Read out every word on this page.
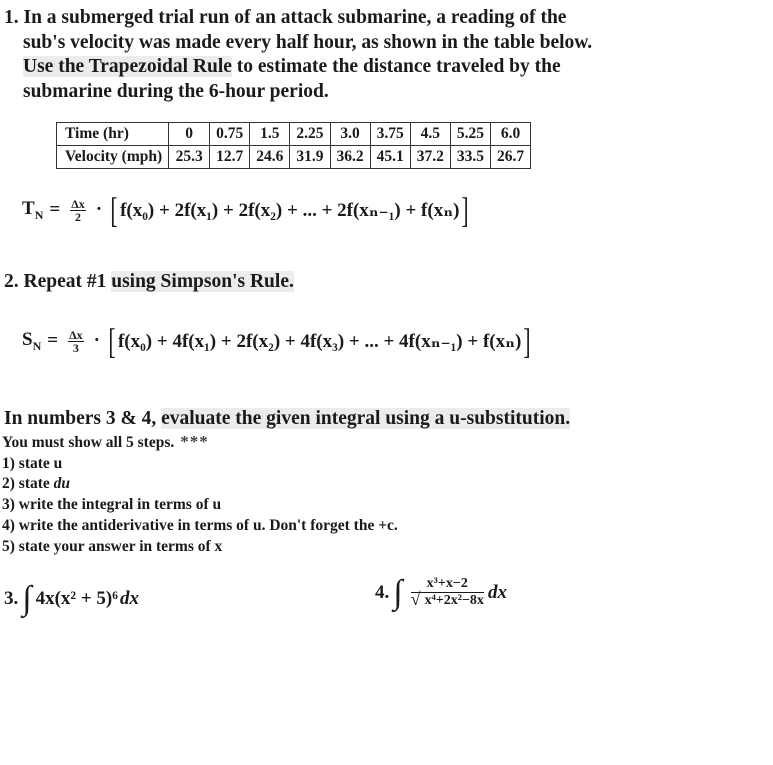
1. In a submerged trial run of an attack submarine, a reading of the
sub's velocity was made every half hour, as shown in the table below.
Use the Trapezoidal Rule to estimate the distance traveled by the
submarine during the 6-hour period.
Time (hr)	0	0.75	1.5	2.25	3.0	3.75	4.5	5.25	6.0
Velocity (mph)	25.3	12.7	24.6	31.9	36.2	45.1	37.2	33.5	26.7
$T_N = \frac{\Delta x}{2}$ · [ f(x₀) + 2f(x₁) + 2f(x₂) + ... + 2f(xₙ₋₁) + f(xₙ) ]
2. Repeat #1 using Simpson's Rule.
$S_N = \frac{\Delta x}{3}$ · [ f(x₀) + 4f(x₁) + 2f(x₂) + 4f(x₃) + ... + 4f(xₙ₋₁) + f(xₙ) ]
In numbers 3 & 4, evaluate the given integral using a u-substitution.
You must show all 5 steps. ***
1) state u
2) state du
3) write the integral in terms of u
4) write the antiderivative in terms of u. Don't forget the +c.
5) state your answer in terms of x
3. ∫ 4x(x² + 5)⁶ dx	4. ∫ $\frac{\text{x³+x−2}}{\text{√ x⁴+2x²−8x}}$ dx
